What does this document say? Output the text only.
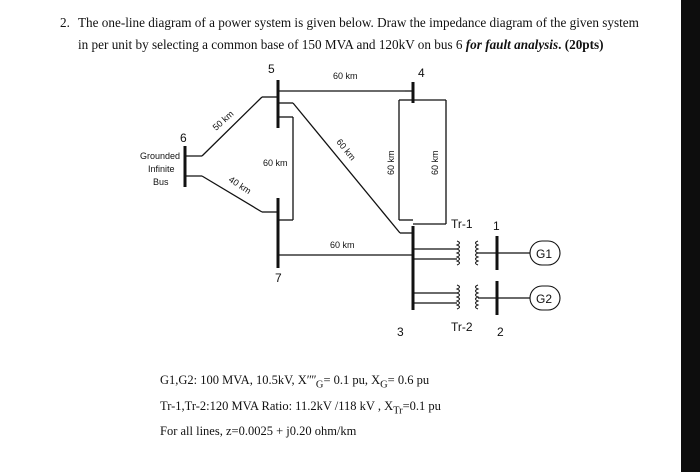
2. The one-line diagram of a power system is given below. Draw the impedance diagram of the given system
in per unit by selecting a common base of 150 MVA and 120kV on bus 6 for fault analysis. (20pts)
5	4
6
7
3
1
2
Grounded
Infinite
Bus
60 km
50 km
40 km
60 km
60 km
60 km	60 km
60 km
Tr-1
Tr-2
G1
G2
G1,G2: 100 MVA, 10.5kV, Xʺʺ$_G$= 0.1 pu, $X_G= 0.6$ pu
Tr-1,Tr-2:120 MVA Ratio: 11.2kV /118 kV , $X_{Tr}=0.1$ pu
For all lines, z=0.0025 + j0.20 ohm/km
